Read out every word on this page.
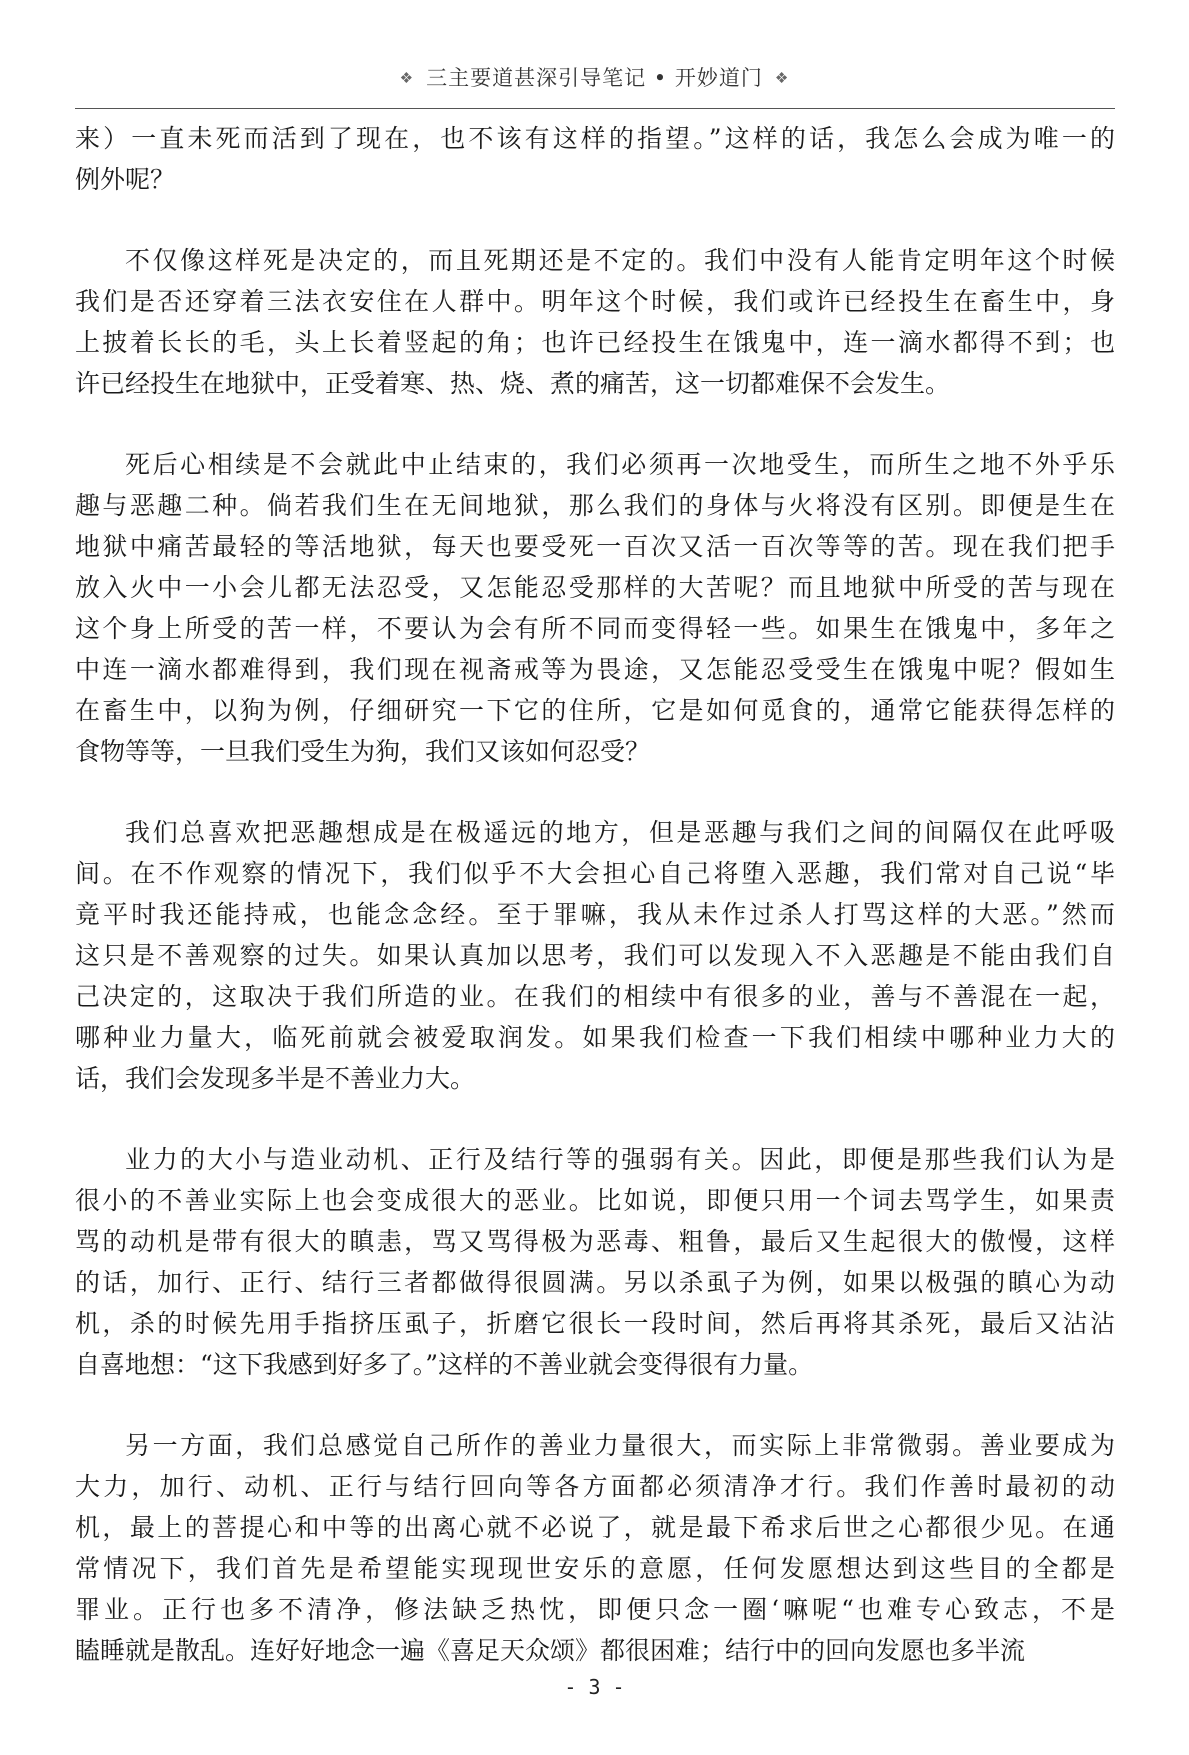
❖ 三主要道甚深引导笔记 • 开妙道门 ❖
来）一直未死而活到了现在，也不该有这样的指望。”这样的话，我怎么会成为唯一的
例外呢？
不仅像这样死是决定的，而且死期还是不定的。我们中没有人能肯定明年这个时候
我们是否还穿着三法衣安住在人群中。明年这个时候，我们或许已经投生在畜生中，身
上披着长长的毛，头上长着竖起的角；也许已经投生在饿鬼中，连一滴水都得不到；也
许已经投生在地狱中，正受着寒、热、烧、煮的痛苦，这一切都难保不会发生。
死后心相续是不会就此中止结束的，我们必须再一次地受生，而所生之地不外乎乐
趣与恶趣二种。倘若我们生在无间地狱，那么我们的身体与火将没有区别。即便是生在
地狱中痛苦最轻的等活地狱，每天也要受死一百次又活一百次等等的苦。现在我们把手
放入火中一小会儿都无法忍受，又怎能忍受那样的大苦呢？而且地狱中所受的苦与现在
这个身上所受的苦一样，不要认为会有所不同而变得轻一些。如果生在饿鬼中，多年之
中连一滴水都难得到，我们现在视斋戒等为畏途，又怎能忍受受生在饿鬼中呢？假如生
在畜生中，以狗为例，仔细研究一下它的住所，它是如何觅食的，通常它能获得怎样的
食物等等，一旦我们受生为狗，我们又该如何忍受？
我们总喜欢把恶趣想成是在极遥远的地方，但是恶趣与我们之间的间隔仅在此呼吸
间。在不作观察的情况下，我们似乎不大会担心自己将堕入恶趣，我们常对自己说“毕
竟平时我还能持戒，也能念念经。至于罪嘛，我从未作过杀人打骂这样的大恶。”然而
这只是不善观察的过失。如果认真加以思考，我们可以发现入不入恶趣是不能由我们自
己决定的，这取决于我们所造的业。在我们的相续中有很多的业，善与不善混在一起，
哪种业力量大，临死前就会被爱取润发。如果我们检查一下我们相续中哪种业力大的
话，我们会发现多半是不善业力大。
业力的大小与造业动机、正行及结行等的强弱有关。因此，即便是那些我们认为是
很小的不善业实际上也会变成很大的恶业。比如说，即便只用一个词去骂学生，如果责
骂的动机是带有很大的瞋恚，骂又骂得极为恶毒、粗鲁，最后又生起很大的傲慢，这样
的话，加行、正行、结行三者都做得很圆满。另以杀虱子为例，如果以极强的瞋心为动
机，杀的时候先用手指挤压虱子，折磨它很长一段时间，然后再将其杀死，最后又沾沾
自喜地想：“这下我感到好多了。”这样的不善业就会变得很有力量。
另一方面，我们总感觉自己所作的善业力量很大，而实际上非常微弱。善业要成为
大力，加行、动机、正行与结行回向等各方面都必须清净才行。我们作善时最初的动
机，最上的菩提心和中等的出离心就不必说了，就是最下希求后世之心都很少见。在通
常情况下，我们首先是希望能实现现世安乐的意愿，任何发愿想达到这些目的全都是
罪业。正行也多不清净，修法缺乏热忱，即便只念一圈‘嘛呢“也难专心致志，不是
瞌睡就是散乱。连好好地念一遍《喜足天众颂》都很困难；结行中的回向发愿也多半流
- 3 -
